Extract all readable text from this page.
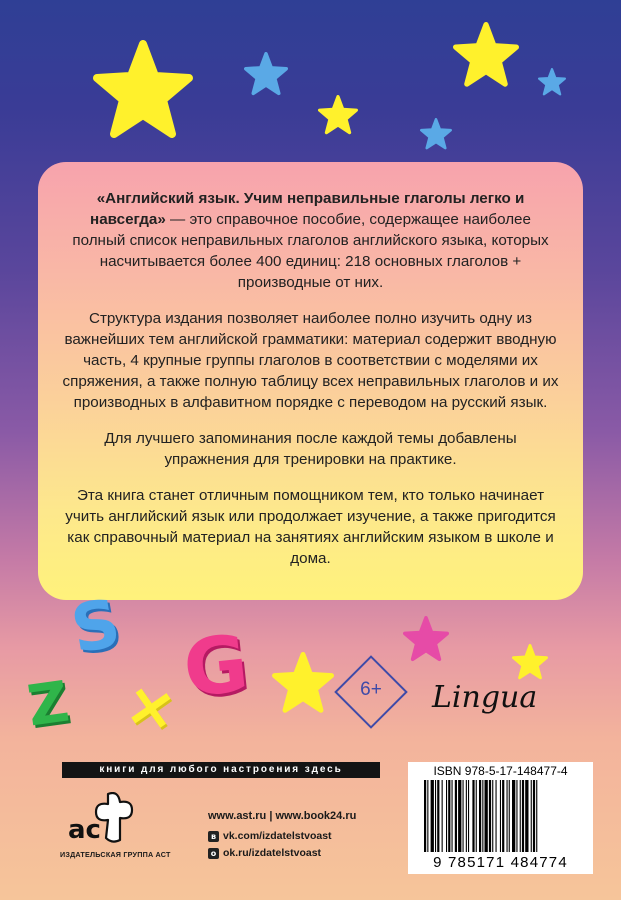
«Английский язык. Учим неправильные глаголы легко и навсегда» — это справочное пособие, содержащее наиболее полный список неправильных глаголов английского языка, которых насчитывается более 400 единиц: 218 основных глаголов + производные от них.

Структура издания позволяет наиболее полно изучить одну из важнейших тем английской грамматики: материал содержит вводную часть, 4 крупные группы глаголов в соответствии с моделями их спряжения, а также полную таблицу всех неправильных глаголов и их производных в алфавитном порядке с переводом на русский язык.

Для лучшего запоминания после каждой темы добавлены упражнения для тренировки на практике.

Эта книга станет отличным помощником тем, кто только начинает учить английский язык или продолжает изучение, а также пригодится как справочный материал на занятиях английским языком в школе и дома.

S G
Z ×	6+	Lingua
книги для любого настроения здесь
ac
ИЗДАТЕЛЬСКАЯ ГРУППА АСТ
www.ast.ru | www.book24.ru
в vk.com/izdatelstvoast
o ok.ru/izdatelstvoast
ISBN 978-5-17-148477-4
9 785171 484774
